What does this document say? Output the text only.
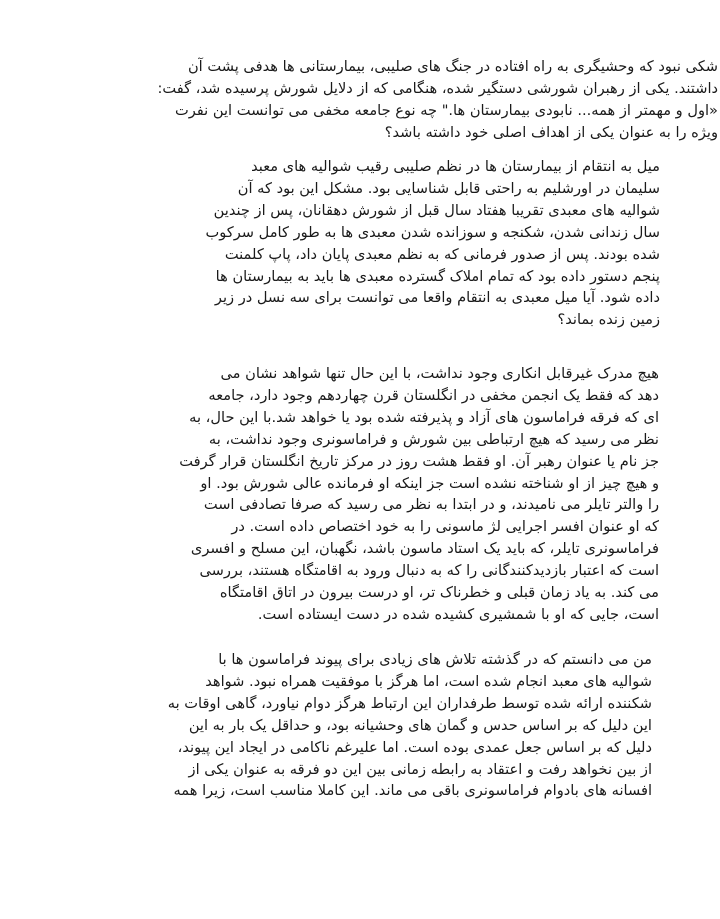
شکی نبود که وحشیگری به راه افتاده در جنگ های صلیبی، بیمارستانی ها هدفی پشت آن
داشتند. یکی از رهبران شورشی دستگیر شده، هنگامی که از دلایل شورش پرسیده شد، گفت:
«اول و مهمتر از همه... نابودی بیمارستان ها." چه نوع جامعه مخفی می توانست این نفرت
ویژه را به عنوان یکی از اهداف اصلی خود داشته باشد؟

میل به انتقام از بیمارستان ها در نظم صلیبی رقیب شوالیه های معبد
سلیمان در اورشلیم به راحتی قابل شناسایی بود. مشکل این بود که آن
شوالیه های معبدی تقریبا هفتاد سال قبل از شورش دهقانان، پس از چندین
سال زندانی شدن، شکنجه و سوزانده شدن معبدی ها به طور کامل سرکوب
شده بودند. پس از صدور فرمانی که به نظم معبدی پایان داد، پاپ کلمنت
پنجم دستور داده بود که تمام املاک گسترده معبدی ها باید به بیمارستان ها
داده شود. آیا میل معبدی به انتقام واقعا می توانست برای سه نسل در زیر
زمین زنده بماند؟

هیچ مدرک غیرقابل انکاری وجود نداشت، با این حال تنها شواهد نشان می
دهد که فقط یک انجمن مخفی در انگلستان قرن چهاردهم وجود دارد، جامعه
ای که فرقه فراماسون های آزاد و پذیرفته شده بود یا خواهد شد.با این حال، به
نظر می رسید که هیچ ارتباطی بین شورش و فراماسونری وجود نداشت، به
جز نام یا عنوان رهبر آن. او فقط هشت روز در مرکز تاریخ انگلستان قرار گرفت
و هیچ چیز از او شناخته نشده است جز اینکه او فرمانده عالی شورش بود. او
را والتر تایلر می نامیدند، و در ابتدا به نظر می رسید که صرفا تصادفی است
که او عنوان افسر اجرایی لژ ماسونی را به خود اختصاص داده است. در
فراماسونری تایلر، که باید یک استاد ماسون باشد، نگهبان، این مسلح و افسری
است که اعتبار بازدیدکنندگانی را که به دنبال ورود به اقامتگاه هستند، بررسی
می کند. به یاد زمان قبلی و خطرناک تر، او درست بیرون در اتاق اقامتگاه
است، جایی که او با شمشیری کشیده شده در دست ایستاده است.

من می دانستم که در گذشته تلاش های زیادی برای پیوند فراماسون ها با
شوالیه های معبد انجام شده است، اما هرگز با موفقیت همراه نبود. شواهد
شکننده ارائه شده توسط طرفداران این ارتباط هرگز دوام نیاورد، گاهی اوقات به
این دلیل که بر اساس حدس و گمان های وحشیانه بود، و حداقل یک بار به این
دلیل که بر اساس جعل عمدی بوده است. اما علیرغم ناکامی در ایجاد این پیوند،
از بین نخواهد رفت و اعتقاد به رابطه زمانی بین این دو فرقه به عنوان یکی از
افسانه های بادوام فراماسونری باقی می ماند. این کاملا مناسب است، زیرا همه
